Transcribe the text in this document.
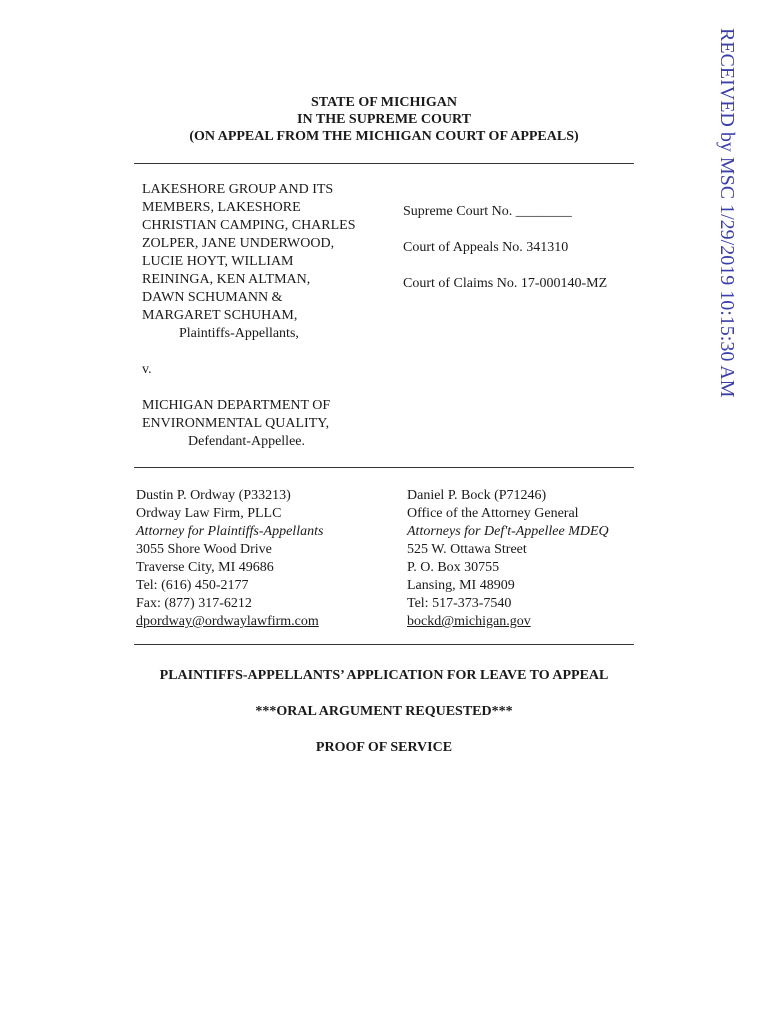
RECEIVED by MSC 1/29/2019 10:15:30 AM
STATE OF MICHIGAN
IN THE SUPREME COURT
(ON APPEAL FROM THE MICHIGAN COURT OF APPEALS)
LAKESHORE GROUP AND ITS
MEMBERS, LAKESHORE
CHRISTIAN CAMPING, CHARLES
ZOLPER, JANE UNDERWOOD,
LUCIE HOYT, WILLIAM
REININGA, KEN ALTMAN,
DAWN SCHUMANN &
MARGARET SCHUHAM,
Plaintiffs-Appellants,
v.
MICHIGAN DEPARTMENT OF
ENVIRONMENTAL QUALITY,
Defendant-Appellee.
Supreme Court No. ________
Court of Appeals No. 341310
Court of Claims No. 17-000140-MZ
Dustin P. Ordway (P33213)
Ordway Law Firm, PLLC
Attorney for Plaintiffs-Appellants
3055 Shore Wood Drive
Traverse City, MI 49686
Tel: (616) 450-2177
Fax: (877) 317-6212
dpordway@ordwaylawfirm.com
Daniel P. Bock (P71246)
Office of the Attorney General
Attorneys for Def't-Appellee MDEQ
525 W. Ottawa Street
P. O. Box 30755
Lansing, MI 48909
Tel: 517-373-7540
bockd@michigan.gov
PLAINTIFFS-APPELLANTS’ APPLICATION FOR LEAVE TO APPEAL
***ORAL ARGUMENT REQUESTED***
PROOF OF SERVICE
